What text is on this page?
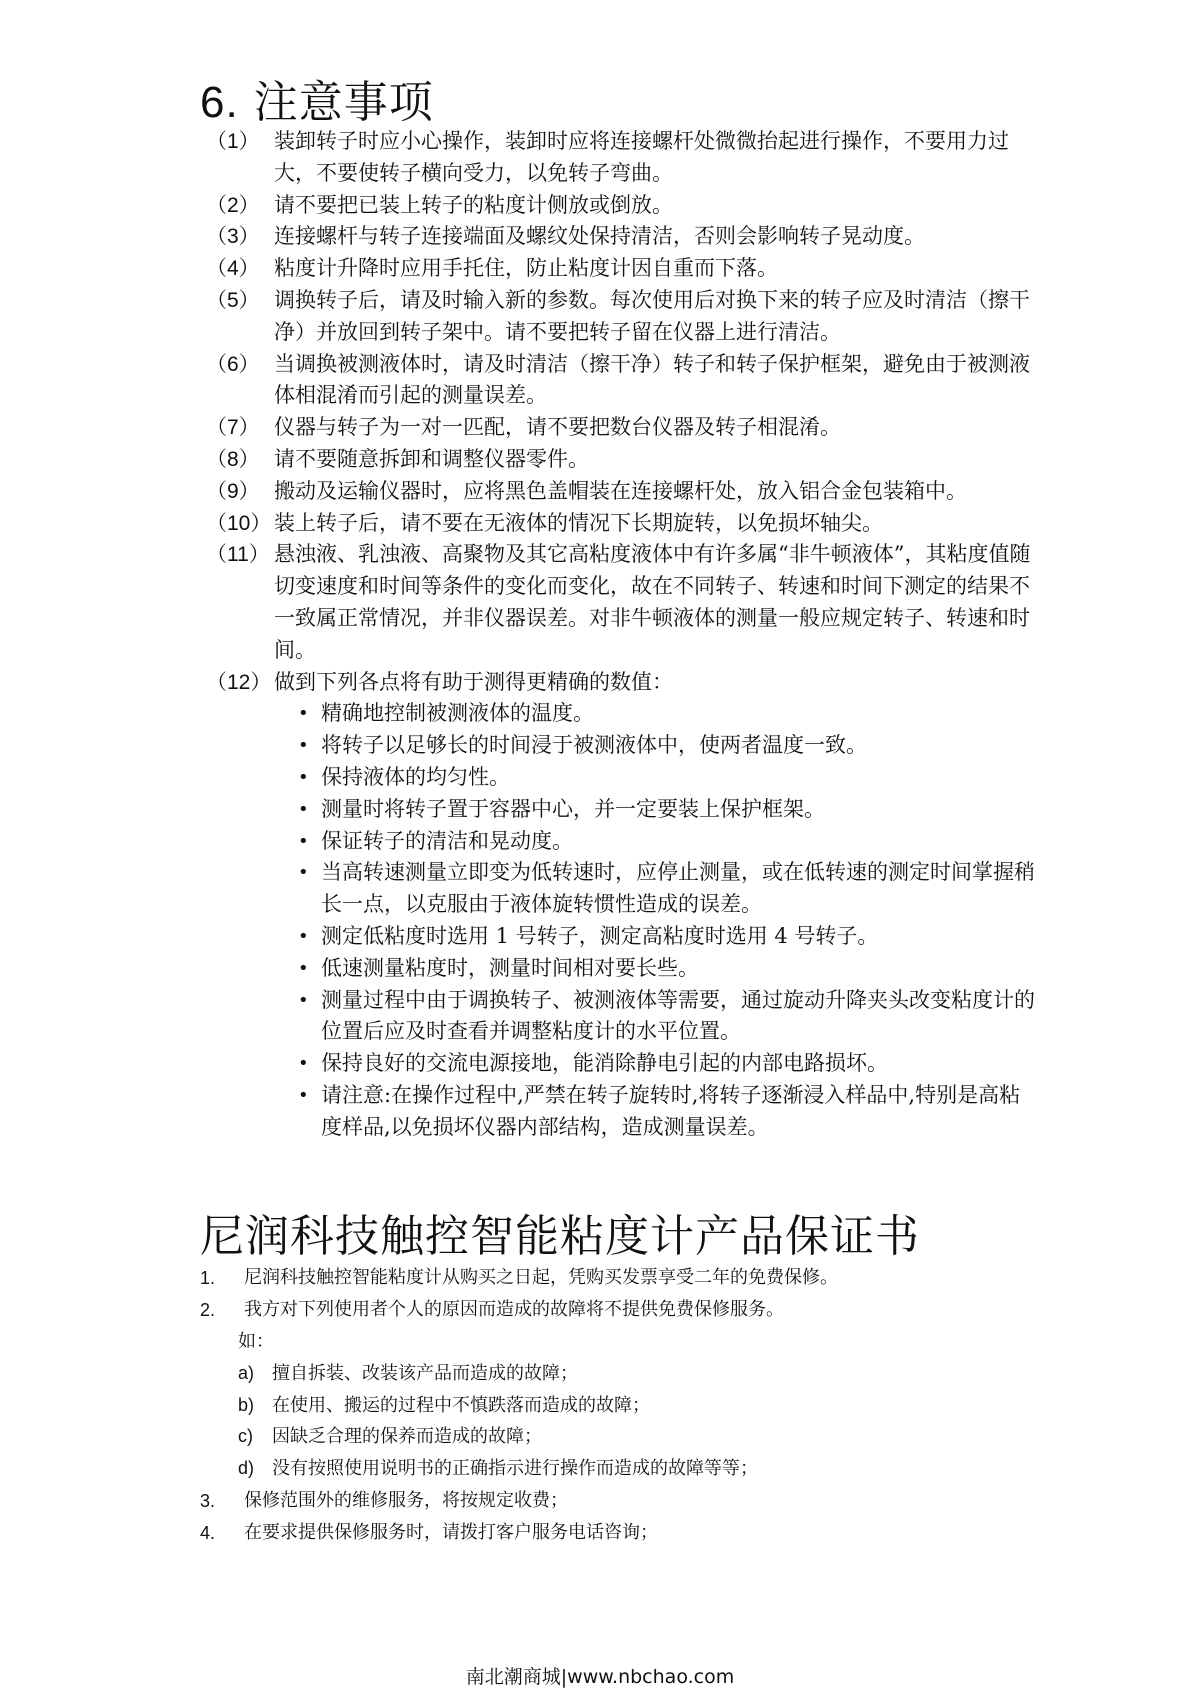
6. 注意事项
（1） 装卸转子时应小心操作，装卸时应将连接螺杆处微微抬起进行操作，不要用力过大，不要使转子横向受力，以免转子弯曲。
（2） 请不要把已装上转子的粘度计侧放或倒放。
（3） 连接螺杆与转子连接端面及螺纹处保持清洁，否则会影响转子晃动度。
（4） 粘度计升降时应用手托住，防止粘度计因自重而下落。
（5） 调换转子后，请及时输入新的参数。每次使用后对换下来的转子应及时清洁（擦干净）并放回到转子架中。请不要把转子留在仪器上进行清洁。
（6） 当调换被测液体时，请及时清洁（擦干净）转子和转子保护框架，避免由于被测液体相混淆而引起的测量误差。
（7） 仪器与转子为一对一匹配，请不要把数台仪器及转子相混淆。
（8） 请不要随意拆卸和调整仪器零件。
（9） 搬动及运输仪器时，应将黑色盖帽装在连接螺杆处，放入铝合金包装箱中。
（10） 装上转子后，请不要在无液体的情况下长期旋转，以免损坏轴尖。
（11） 悬浊液、乳浊液、高聚物及其它高粘度液体中有许多属“非牛顿液体”，其粘度值随切变速度和时间等条件的变化而变化，故在不同转子、转速和时间下测定的结果不一致属正常情况，并非仪器误差。对非牛顿液体的测量一般应规定转子、转速和时间。
（12） 做到下列各点将有助于测得更精确的数值：
• 精确地控制被测液体的温度。
• 将转子以足够长的时间浸于被测液体中，使两者温度一致。
• 保持液体的均匀性。
• 测量时将转子置于容器中心，并一定要装上保护框架。
• 保证转子的清洁和晃动度。
• 当高转速测量立即变为低转速时，应停止测量，或在低转速的测定时间掌握稍长一点，以克服由于液体旋转惯性造成的误差。
• 测定低粘度时选用 1 号转子，测定高粘度时选用 4 号转子。
• 低速测量粘度时，测量时间相对要长些。
• 测量过程中由于调换转子、被测液体等需要，通过旋动升降夹头改变粘度计的位置后应及时查看并调整粘度计的水平位置。
• 保持良好的交流电源接地，能消除静电引起的内部电路损坏。
• 请注意:在操作过程中,严禁在转子旋转时,将转子逐渐浸入样品中,特别是高粘度样品,以免损坏仪器内部结构，造成测量误差。
尼润科技触控智能粘度计产品保证书
1. 尼润科技触控智能粘度计从购买之日起，凭购买发票享受二年的免费保修。
2. 我方对下列使用者个人的原因而造成的故障将不提供免费保修服务。
如：
a) 擅自拆装、改装该产品而造成的故障；
b) 在使用、搬运的过程中不慎跌落而造成的故障；
c) 因缺乏合理的保养而造成的故障；
d) 没有按照使用说明书的正确指示进行操作而造成的故障等等；
3. 保修范围外的维修服务，将按规定收费；
4. 在要求提供保修服务时，请拨打客户服务电话咨询；
南北潮商城|www.nbchao.com
